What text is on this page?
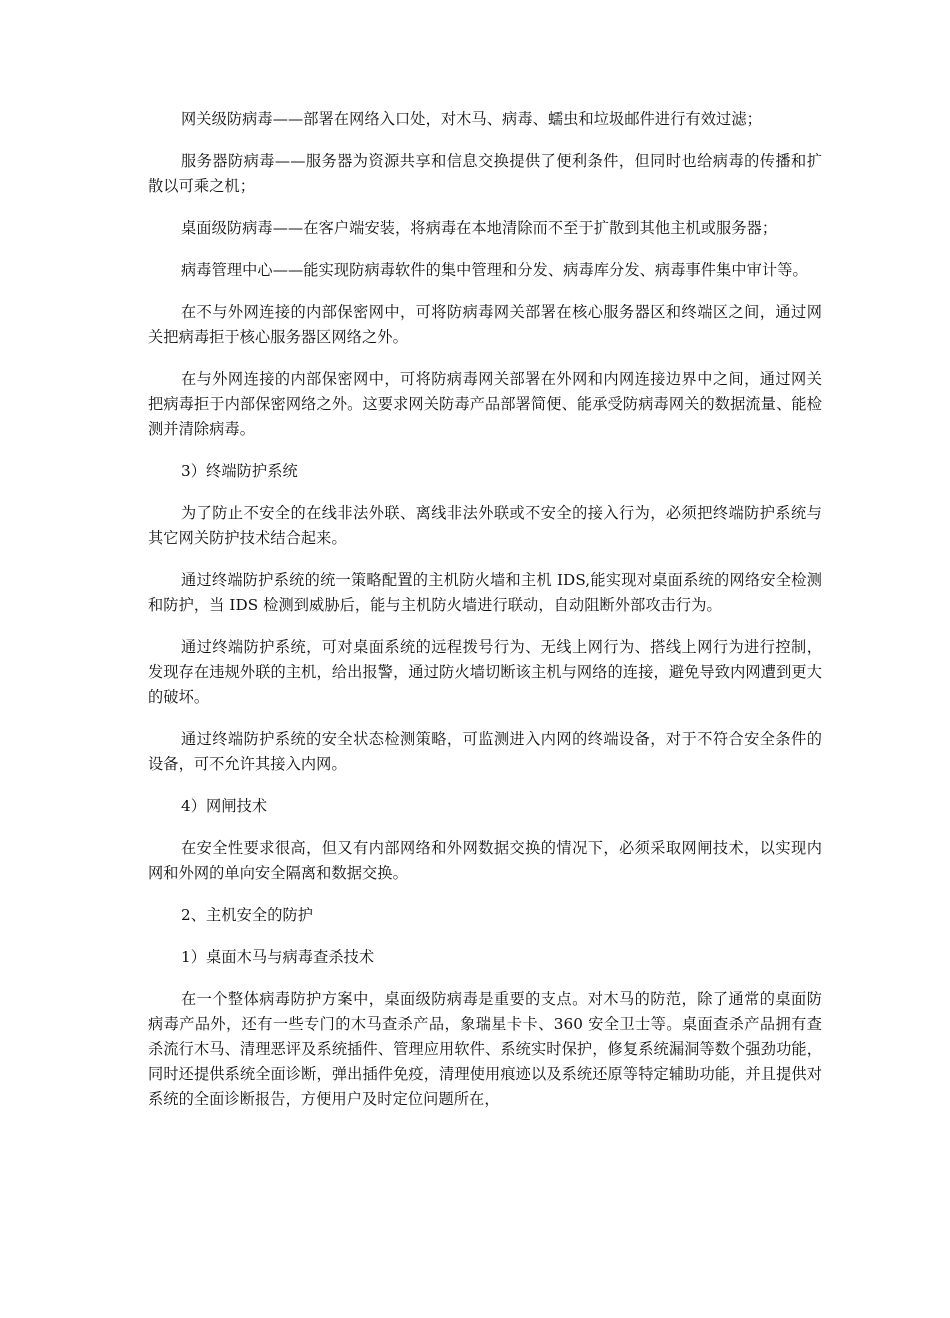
网关级防病毒——部署在网络入口处，对木马、病毒、蠕虫和垃圾邮件进行有效过滤；

服务器防病毒——服务器为资源共享和信息交换提供了便利条件，但同时也给病毒的传播和扩散以可乘之机；

桌面级防病毒——在客户端安装，将病毒在本地清除而不至于扩散到其他主机或服务器；

病毒管理中心——能实现防病毒软件的集中管理和分发、病毒库分发、病毒事件集中审计等。

在不与外网连接的内部保密网中，可将防病毒网关部署在核心服务器区和终端区之间，通过网关把病毒拒于核心服务器区网络之外。

在与外网连接的内部保密网中，可将防病毒网关部署在外网和内网连接边界中之间，通过网关把病毒拒于内部保密网络之外。这要求网关防毒产品部署简便、能承受防病毒网关的数据流量、能检测并清除病毒。

3）终端防护系统

为了防止不安全的在线非法外联、离线非法外联或不安全的接入行为，必须把终端防护系统与其它网关防护技术结合起来。

通过终端防护系统的统一策略配置的主机防火墙和主机 IDS,能实现对桌面系统的网络安全检测和防护，当 IDS 检测到威胁后，能与主机防火墙进行联动，自动阻断外部攻击行为。

通过终端防护系统，可对桌面系统的远程拨号行为、无线上网行为、搭线上网行为进行控制，发现存在违规外联的主机，给出报警，通过防火墙切断该主机与网络的连接，避免导致内网遭到更大的破坏。

通过终端防护系统的安全状态检测策略，可监测进入内网的终端设备，对于不符合安全条件的设备，可不允许其接入内网。

4）网闸技术

在安全性要求很高，但又有内部网络和外网数据交换的情况下，必须采取网闸技术，以实现内网和外网的单向安全隔离和数据交换。

2、主机安全的防护

1）桌面木马与病毒查杀技术

在一个整体病毒防护方案中，桌面级防病毒是重要的支点。对木马的防范，除了通常的桌面防病毒产品外，还有一些专门的木马查杀产品，象瑞星卡卡、360 安全卫士等。桌面查杀产品拥有查杀流行木马、清理恶评及系统插件、管理应用软件、系统实时保护，修复系统漏洞等数个强劲功能，同时还提供系统全面诊断，弹出插件免疫，清理使用痕迹以及系统还原等特定辅助功能，并且提供对系统的全面诊断报告，方便用户及时定位问题所在，
